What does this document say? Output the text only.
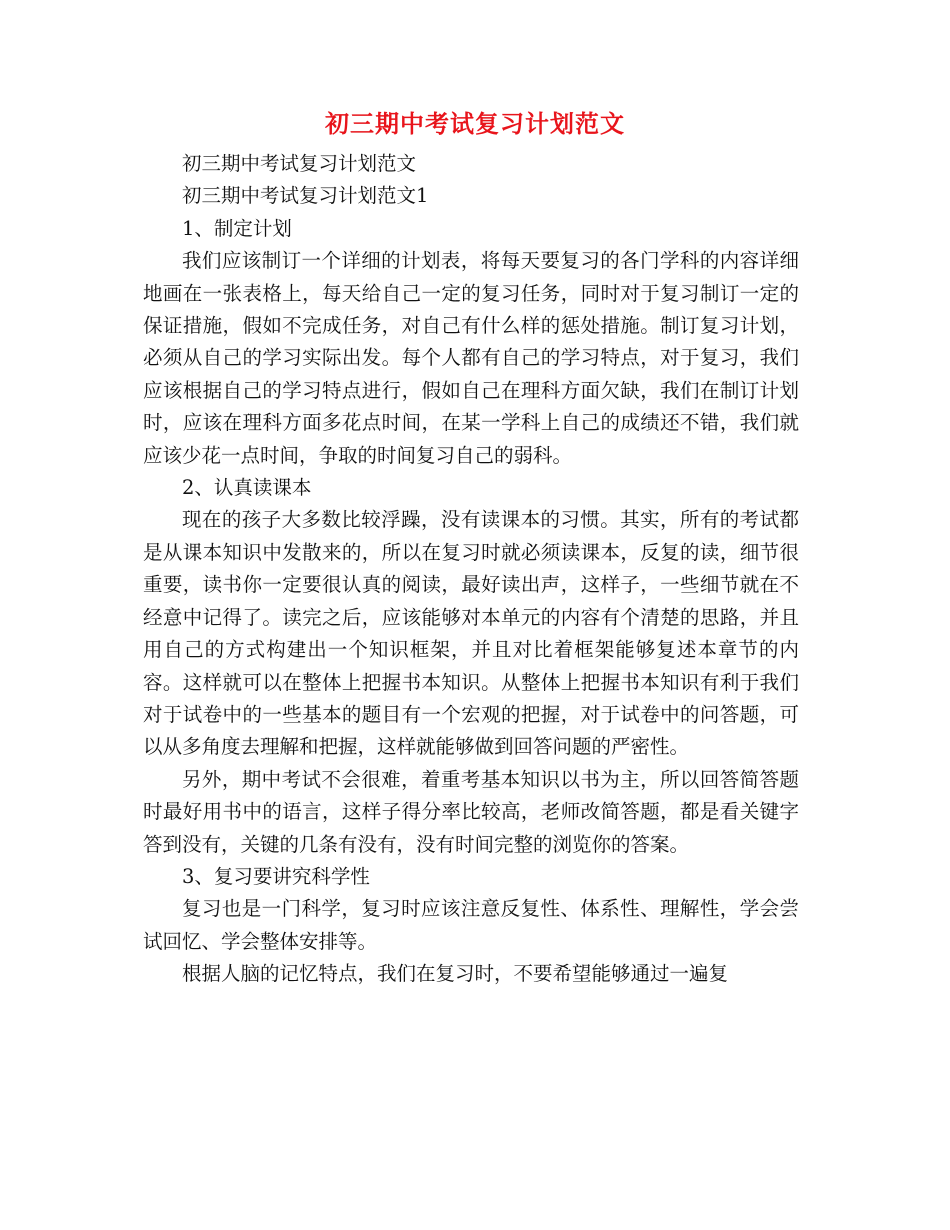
初三期中考试复习计划范文

初三期中考试复习计划范文

初三期中考试复习计划范文1

1、制定计划

我们应该制订一个详细的计划表，将每天要复习的各门学科的内容详细地画在一张表格上，每天给自己一定的复习任务，同时对于复习制订一定的保证措施，假如不完成任务，对自己有什么样的惩处措施。制订复习计划，必须从自己的学习实际出发。每个人都有自己的学习特点，对于复习，我们应该根据自己的学习特点进行，假如自己在理科方面欠缺，我们在制订计划时，应该在理科方面多花点时间，在某一学科上自己的成绩还不错，我们就应该少花一点时间，争取的时间复习自己的弱科。

2、认真读课本

现在的孩子大多数比较浮躁，没有读课本的习惯。其实，所有的考试都是从课本知识中发散来的，所以在复习时就必须读课本，反复的读，细节很重要，读书你一定要很认真的阅读，最好读出声，这样子，一些细节就在不经意中记得了。读完之后，应该能够对本单元的内容有个清楚的思路，并且用自己的方式构建出一个知识框架，并且对比着框架能够复述本章节的内容。这样就可以在整体上把握书本知识。从整体上把握书本知识有利于我们对于试卷中的一些基本的题目有一个宏观的把握，对于试卷中的问答题，可以从多角度去理解和把握，这样就能够做到回答问题的严密性。

另外，期中考试不会很难，着重考基本知识以书为主，所以回答简答题时最好用书中的语言，这样子得分率比较高，老师改简答题，都是看关键字答到没有，关键的几条有没有，没有时间完整的浏览你的答案。

3、复习要讲究科学性

复习也是一门科学，复习时应该注意反复性、体系性、理解性，学会尝试回忆、学会整体安排等。

根据人脑的记忆特点，我们在复习时，不要希望能够通过一遍复
